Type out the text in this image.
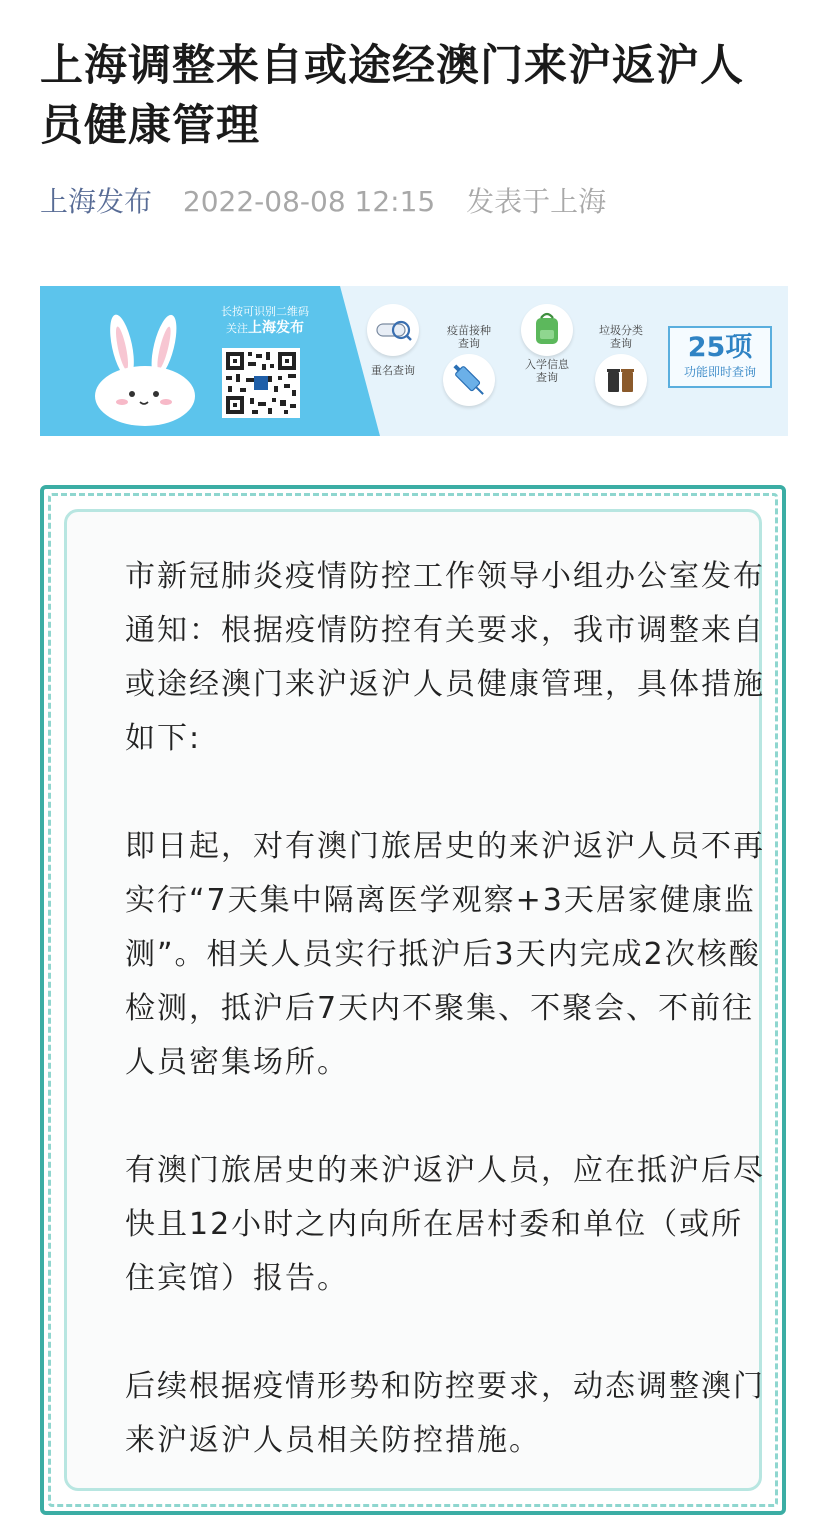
上海调整来自或途经澳门来沪返沪人员健康管理
上海发布 2022-08-08 12:15 发表于上海
长按可识别二维码
关注上海发布
重名查询
疫苗接种
查询
入学信息
查询
垃圾分类
查询	25项
功能即时查询

市新冠肺炎疫情防控工作领导小组办公室发布通知：根据疫情防控有关要求，我市调整来自或途经澳门来沪返沪人员健康管理，具体措施如下:

即日起，对有澳门旅居史的来沪返沪人员不再实行“7天集中隔离医学观察+3天居家健康监测”。相关人员实行抵沪后3天内完成2次核酸检测，抵沪后7天内不聚集、不聚会、不前往人员密集场所。

有澳门旅居史的来沪返沪人员，应在抵沪后尽快且12小时之内向所在居村委和单位（或所住宾馆）报告。

后续根据疫情形势和防控要求，动态调整澳门来沪返沪人员相关防控措施。
